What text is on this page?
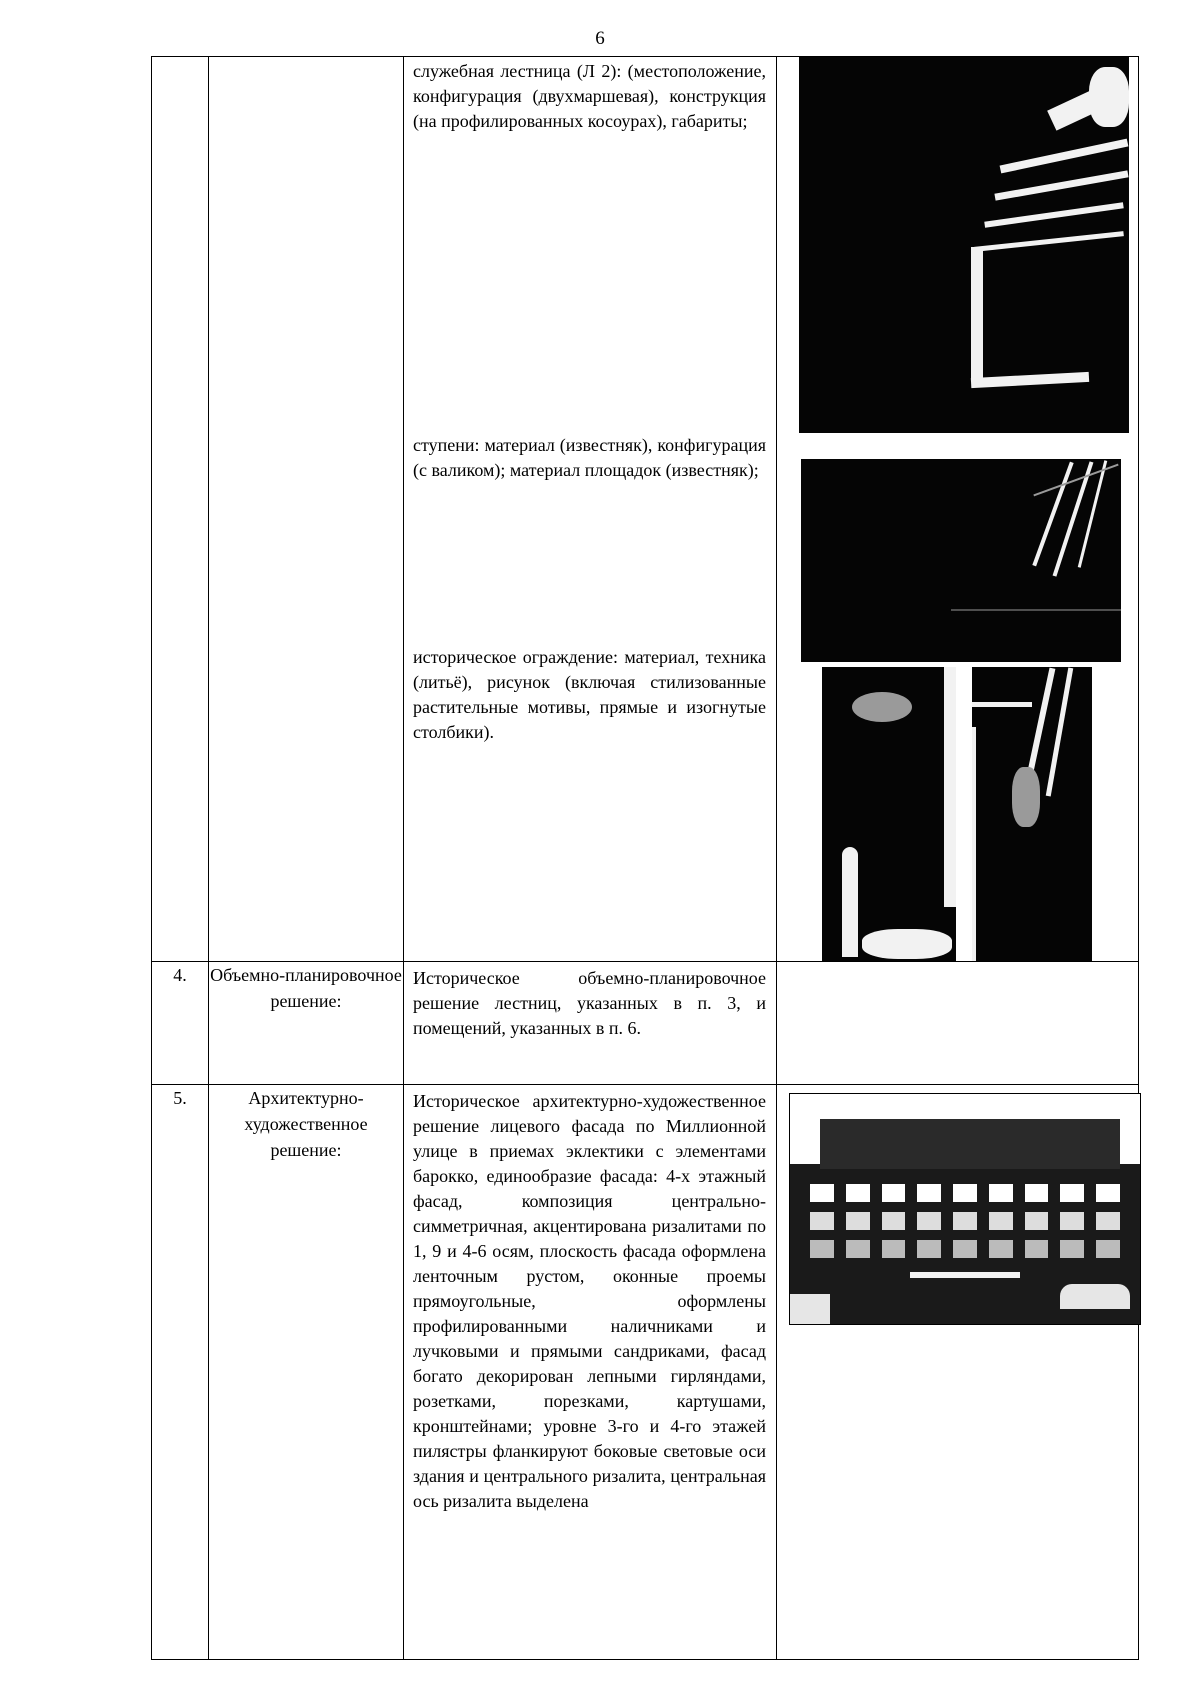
6

		служебная лестница (Л 2): (местоположение, конфигурация (двухмаршевая), конструкция (на профилированных косоурах), габариты;

ступени: материал (известняк), конфигурация (с валиком); материал площадок (известняк);

историческое ограждение: материал, техника (литьё), рисунок (включая стилизованные растительные мотивы, прямые и изогнутые столбики).	

4.	Объемно-планировочное решение:	Историческое объемно-планировочное решение лестниц, указанных в п. 3, и помещений, указанных в п. 6.	

5.	Архитектурно-художественное решение:	Историческое архитектурно-художественное решение лицевого фасада по Миллионной улице в приемах эклектики с элементами барокко, единообразие фасада: 4-х этажный фасад, композиция центрально-симметричная, акцентирована ризалитами по 1, 9 и 4-6 осям, плоскость фасада оформлена ленточным рустом, оконные проемы прямоугольные, оформлены профилированными наличниками и лучковыми и прямыми сандриками, фасад богато декорирован лепными гирляндами, розетками, порезками, картушами, кронштейнами; уровне 3-го и 4-го этажей пилястры фланкируют боковые световые оси здания и центрального ризалита, центральная ось ризалита выделена	
